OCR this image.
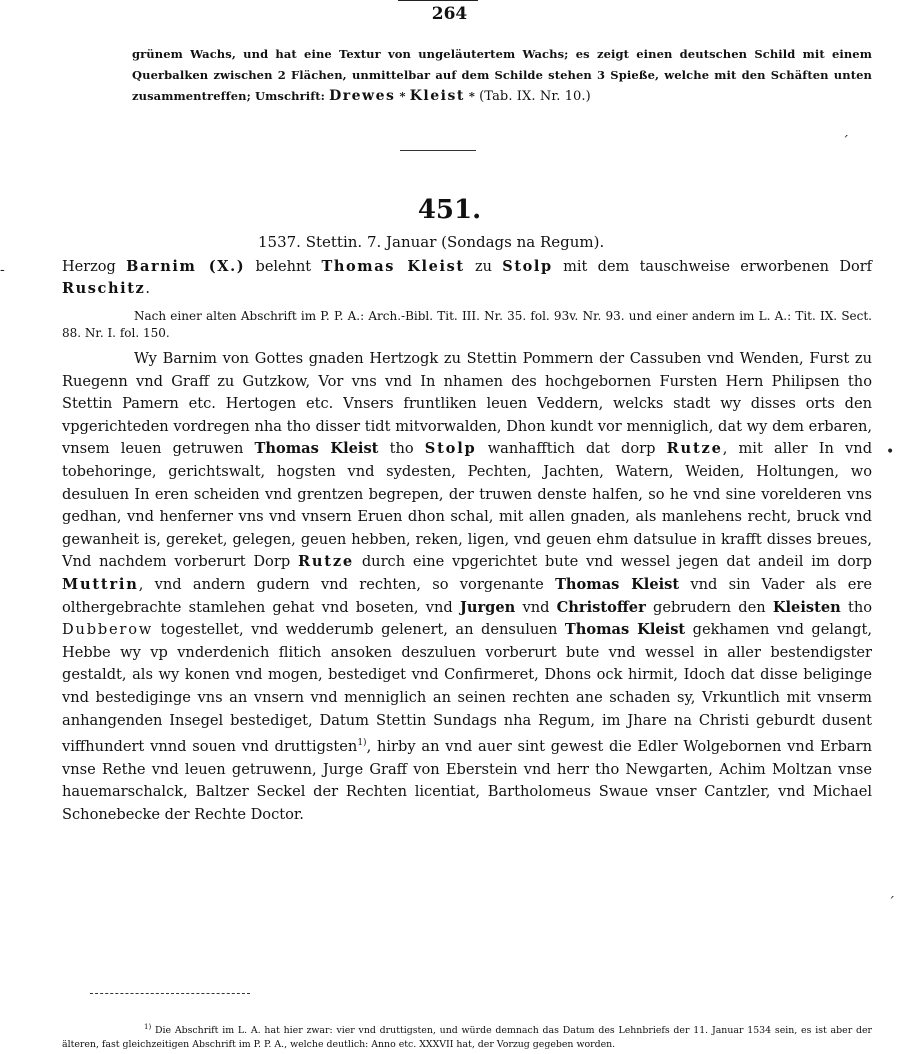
264
grünem Wachs, und hat eine Textur von ungeläutertem Wachs; es zeigt einen deutschen Schild mit einem Querbalken zwischen 2 Flächen, unmittelbar auf dem Schilde stehen 3 Spieße, welche mit den Schäften unten zusammentreffen; Umschrift: Drewes * Kleist * (Tab. IX. Nr. 10.)
ˊ
451.
1537. Stettin. 7. Januar (Sondags na Regum).
-	Herzog Barnim (X.) belehnt Thomas Kleist zu Stolp mit dem tauschweise erworbenen Dorf Ruschitz.
Nach einer alten Abschrift im P. P. A.: Arch.-Bibl. Tit. III. Nr. 35. fol. 93v. Nr. 93. und einer andern im L. A.: Tit. IX. Sect. 88. Nr. I. fol. 150.
Wy Barnim von Gottes gnaden Hertzogk zu Stettin Pommern der Cassuben vnd Wenden, Furst zu Ruegenn vnd Graff zu Gutzkow, Vor vns vnd In nhamen des hochgebornen Fursten Hern Philipsen tho Stettin Pamern etc. Hertogen etc. Vnsers fruntliken leuen Veddern, welcks stadt wy disses orts den vpgerichteden vordregen nha tho disser tidt mitvorwalden, Dhon kundt vor menniglich, dat wy dem erbaren, vnsem leuen getruwen Thomas Kleist tho Stolp wanhafftich dat dorp Rutze, mit aller In vnd tobehoringe, gerichtswalt, hogsten vnd sydesten, Pechten, Jachten, Watern, Weiden, Holtungen, wo desuluen In eren scheiden vnd grentzen begrepen, der truwen denste halfen, so he vnd sine vorelderen vns gedhan, vnd henferner vns vnd vnsern Eruen dhon schal, mit allen gnaden, als manlehens recht, bruck vnd gewanheit is, gereket, gelegen, geuen hebben, reken, ligen, vnd geuen ehm datsulue in krafft disses breues, Vnd nachdem vorberurt Dorp Rutze durch eine vpgerichtet bute vnd wessel jegen dat andeil im dorp Muttrin, vnd andern gudern vnd rechten, so vorgenante Thomas Kleist vnd sin Vader als ere olthergebrachte stamlehen gehat vnd boseten, vnd Jurgen vnd Christoffer gebrudern den Kleisten tho Dubberow togestellet, vnd wedderumb gelenert, an densuluen Thomas Kleist gekhamen vnd gelangt, Hebbe wy vp vnderdenich flitich ansoken deszuluen vorberurt bute vnd wessel in aller bestendigster gestaldt, als wy konen vnd mogen, bestediget vnd Confirmeret, Dhons ock hirmit, Idoch dat disse beliginge vnd bestediginge vns an vnsern vnd menniglich an seinen rechten ane schaden sy, Vrkuntlich mit vnserm anhangenden Insegel bestediget, Datum Stettin Sundags nha Regum, im Jhare na Christi geburdt dusent viffhundert vnnd souen vnd druttigsten$^{1)}$, hirby an vnd auer sint gewest die Edler Wolgebornen vnd Erbarn vnse Rethe vnd leuen getruwenn, Jurge Graff von Eberstein vnd herr tho Newgarten, Achim Moltzan vnse hauemarschalck, Baltzer Seckel der Rechten licentiat, Bartholomeus Swaue vnser Cantzler, vnd Michael Schonebecke der Rechte Doctor.
•
ˊ
$^{1)}$ Die Abschrift im L. A. hat hier zwar: vier vnd druttigsten, und würde demnach das Datum des Lehnbriefs der 11. Januar 1534 sein, es ist aber der älteren, fast gleichzeitigen Abschrift im P. P. A., welche deutlich: Anno etc. XXXVII hat, der Vorzug gegeben worden.
